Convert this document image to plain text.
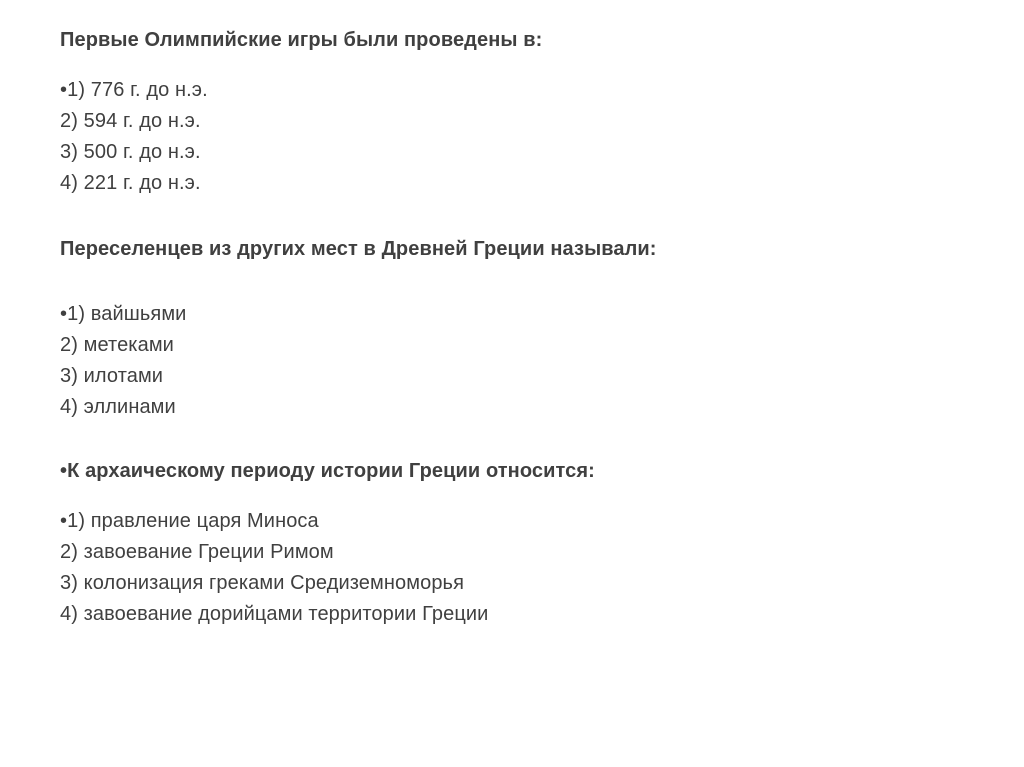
Первые Олимпийские игры были проведены в:
•1) 776 г. до н.э.
2) 594 г. до н.э.
3) 500 г. до н.э.
4) 221 г. до н.э.
Переселенцев из других мест в Древней Греции называли:
•1) вайшьями
2) метеками
3) илотами
4) эллинами
•К архаическому периоду истории Греции относится:
•1) правление царя Миноса
2) завоевание Греции Римом
3) колонизация греками Средиземноморья
4) завоевание дорийцами территории Греции
